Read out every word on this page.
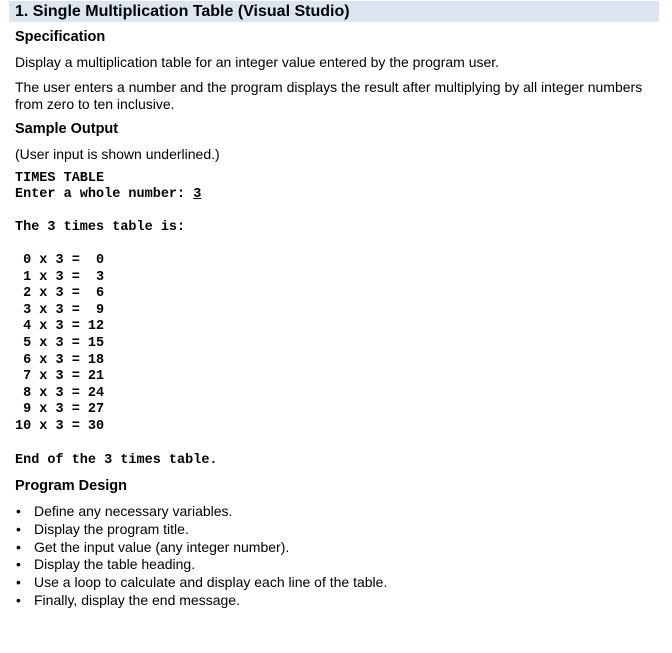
1. Single Multiplication Table (Visual Studio)
Specification
Display a multiplication table for an integer value entered by the program user.
The user enters a number and the program displays the result after multiplying by all integer numbers from zero to ten inclusive.
Sample Output
(User input is shown underlined.)
TIMES TABLE
Enter a whole number: 3
The 3 times table is:
0 x 3 =  0
1 x 3 =  3
2 x 3 =  6
3 x 3 =  9
4 x 3 = 12
5 x 3 = 15
6 x 3 = 18
7 x 3 = 21
8 x 3 = 24
9 x 3 = 27
10 x 3 = 30
End of the 3 times table.
Program Design
• Define any necessary variables.
• Display the program title.
• Get the input value (any integer number).
• Display the table heading.
• Use a loop to calculate and display each line of the table.
• Finally, display the end message.
